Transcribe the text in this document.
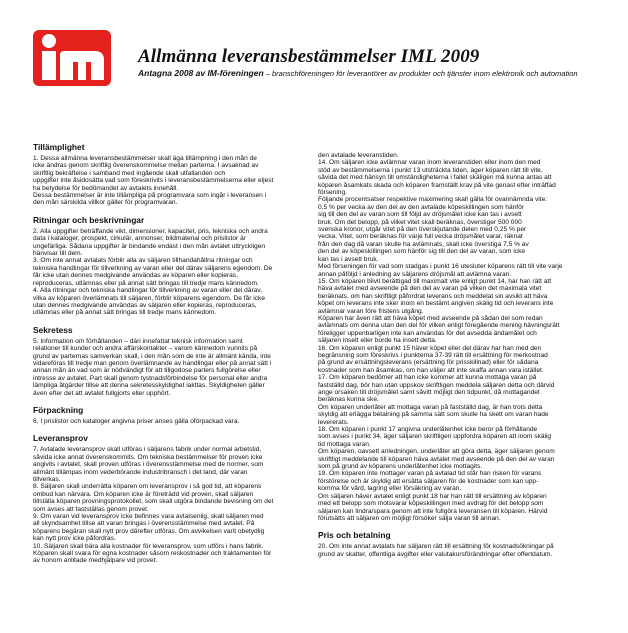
Allmänna leveransbestämmelser IML 2009
Antagna 2008 av IM-föreningen – branschföreningen för leverantörer av produkter och tjänster inom elektronik och automation
Tillämplighet
1. Dessa allmänna leveransbestämmelser skall äga tillämpning i den mån de
icke ändras genom skriftlig överenskommelse mellan parterna. I avsaknad av
skriftlig bekräftelse i samband med ingående skall utfallanden och
uppgifter inte åsidosätta vad som föreskrivits i leveransbestämmelserna eller eljest
ha betydelse för bedömandet av avtalets innehåll.
Dessa bestämmelser är inte tillämpliga på programvara som ingår i leveransen i
den mån särskilda villkor gäller för programvaran.
Ritningar och beskrivningar
2. Alla uppgifter beträffande vikt, dimensioner, kapacitet, pris, tekniska och andra
data i kataloger, prospekt, cirkulär, annonser, bildmaterial och prislistor är
ungefärliga. Sådana uppgifter är bindande endast i den mån avtalet uttryckligen
hänvisar till dem.
3. Om inte annat avtalats förblir alla av säljaren tillhandahållna ritningar och
tekniska handlingar för tillverkning av varan eller del därav säljarens egendom. De
får icke utan dennes medgivande användas av köparen eller kopieras,
reproduceras, utlämnas eller på annat sätt bringas till tredje mans kännedom.
4. Alla ritningar och tekniska handlingar för tillverkning av varan eller del därav,
vilka av köparen överlämnats till säljaren, förblir köparens egendom. De får icke
utan dennes medgivande användas av säljaren eller kopieras, reproduceras,
utlämnas eller på annat sätt bringas till tredje mans kännedom.
Sekretess
5. Information om förhållanden – däri innefattat teknisk information samt
relationer till kunder och andra affärskontakter – varom kännedom vunnits på
grund av parternas samverkan skall, i den mån som de inte är allmänt kända, inte
vidareföras till tredje man genom överlämnande av handlingar eller på annat sätt i
annan mån än vad som är nödvändigt för att tillgodose parters fullgörelse eller
intresse av avtalet. Part skall genom tystnadsförbindelse för personal eller andra
lämpliga åtgärder tillse att denna sekretesskyldighet iakttas. Skyldigheten gäller
även efter det att avtalet fullgjorts eller upphört.
Förpackning
6. I prislistor och kataloger angivna priser anses gälla oförpackad vara.
Leveransprov
7. Avtalade leveransprov skall utföras i säljarens fabrik under normal arbetstid,
såvida icke annat överenskommits. Om tekniska bestämmelser för proven icke
angivits i avtalet, skall proven utföras i överensstämmelse med de normer, som
allmänt tillämpas inom vederbörande industribransch i det land, där varan
tillverkas.
8. Säljaren skall underrätta köparen om leveransprov i så god tid, att köparens
ombud kan närvara. Om köparen icke är företrädd vid proven, skall säljaren
tillställa köparen provningsprotokollet, som skall utgöra bindande bevisning om det
som avses att fastställas genom provet.
9. Om varan vid leveransprov icke befinnes vara avtalsenlig, skall säljaren med
all skyndsamhet tillse att varan bringas i överensstämmelse med avtalet. På
köparens begäran skall nytt prov därefter utföras. Om avvikelsen varit obetydlig
kan nytt prov icke påfordras.
10. Säljaren skall bära alla kostnader för leveransprov, som utförs i hans fabrik.
Köparen skall svara för egna kostnader såsom reskostnader och traktamenten för
av honom anlitade medhjälpare vid provet.
den avtalade leveranstiden.
14. Om säljaren icke avlämnar varan inom leveranstiden eller inom den med
stöd av bestämmelserna i punkt 13 utsträckta tiden, äger köparen rätt till vite,
såvida det med hänsyn till omständigheterna i fallet skäligen må kunna antas att
köparen åsamkats skada och köparen framställt krav på vite genast efter inträffad
försening.
Följande procentsatser respektive maximering skall gälla för ovannämnda vite:
0,5 % per vecka av den del av den avtalade köpeskillingen som hänför
sig till den del av varan som till följd av dröjsmålet icke kan tas i avsett
bruk. Om det belopp, på vilket vitet skall beräknas, överstiger 500 000
svenska kronor, utgår vitet på den överskjutande delen med 0,25 % per
vecka. Vitet, som beräknas för varje full vecka dröjsmålet varar, räknat
från den dag då varan skulle ha avlämnats, skall icke överstiga 7,5 % av
den del av köpeskillingen som hänför sig till den del av varan, som icke
kan tas i avsett bruk.
Med förseningen för vad som stadgas i punkt 16 utesluter köparens rätt till vite varje
annan påföljd i anledning av säljarens dröjsmål att avlämna varan.
15. Om köparen blivit berättigad till maximalt vite enligt punkt 14, har han rätt att
häva avtalet med avseende på den del av varan på vilken det maximala vitet
beräknats, om han skriftligt påfordrat leverans och meddelat sin avsikt att häva
köpet om leverans inte sker inom en bestämt angiven skälig tid och leverans inte
avlämnar varan före fristens utgång.
Köparen har även rätt att häva köpet med avseende på sådan del som redan
avlämnats om denna utan den del för vilken enligt föregående mening hävningsrätt
föreligger uppenbarligen inte kan användas för det avsedda ändamålet och
säljaren insett eller borde ha insett detta.
16. Om köparen enligt punkt 15 häver köpet eller del därav har han med den
begränsning som föreskrivs i punkterna 37-39 rätt till ersättning för merkostnad
på grund av ersättningsleverans (ersättning för prisskillnad) eller för sådana
kostnader som han åsamkas, om han väljer att inte skaffa annan vara istället.
17. Om köparen bedömer att han icke kommer att kunna mottaga varan på
fastställd dag, bör han utan uppskov skriftligen meddela säljaren detta och därvid
ange orsaken till dröjsmålet samt såvitt möjligt den tidpunkt, då mottagandet
beräknas kunna ske.
Om köparen underlåter att mottaga varan på fastställd dag, är han trots detta
skyldig att erlägga betalning på samma sätt som skulle ha skett om varan hade
levererats.
18. Om köparen i punkt 17 angivna underlåtenhet icke beror på förhållande
som avses i punkt 34, äger säljaren skriftligen uppfordra köparen att inom skälig
tid mottaga varan.
Om köparen, oavsett anledningen, underlåter att göra detta, äger säljaren genom
skriftligt meddelande till köparen häva avtalet med avseende på den del av varan
som på grund av köparens underlåtenhet icke mottagits.
19. Om köparen inte mottager varan på avtalad tid står han risken för varans
förstörelse och är skyldig att ersätta säljaren för de kostnader som kan upp-
komma för vård, lagring eller försäkring av varan.
Om säljaren häver avtalet enligt punkt 18 har han rätt till ersättning av köparen
med ett belopp som motsvarar köpeskillingen med avdrag för det belopp som
säljaren kan lindra/spara genom att inte fullgöra leveransen till köparen. Härvid
förutsätts att säljaren om möjligt försöker sälja varan till annan.
Pris och betalning
20. Om inte annat avtalats har säljaren rätt till ersättning för kostnadsökningar på
grund av skatter, offentliga avgifter eller valutakursförändringar efter offertdatum.
